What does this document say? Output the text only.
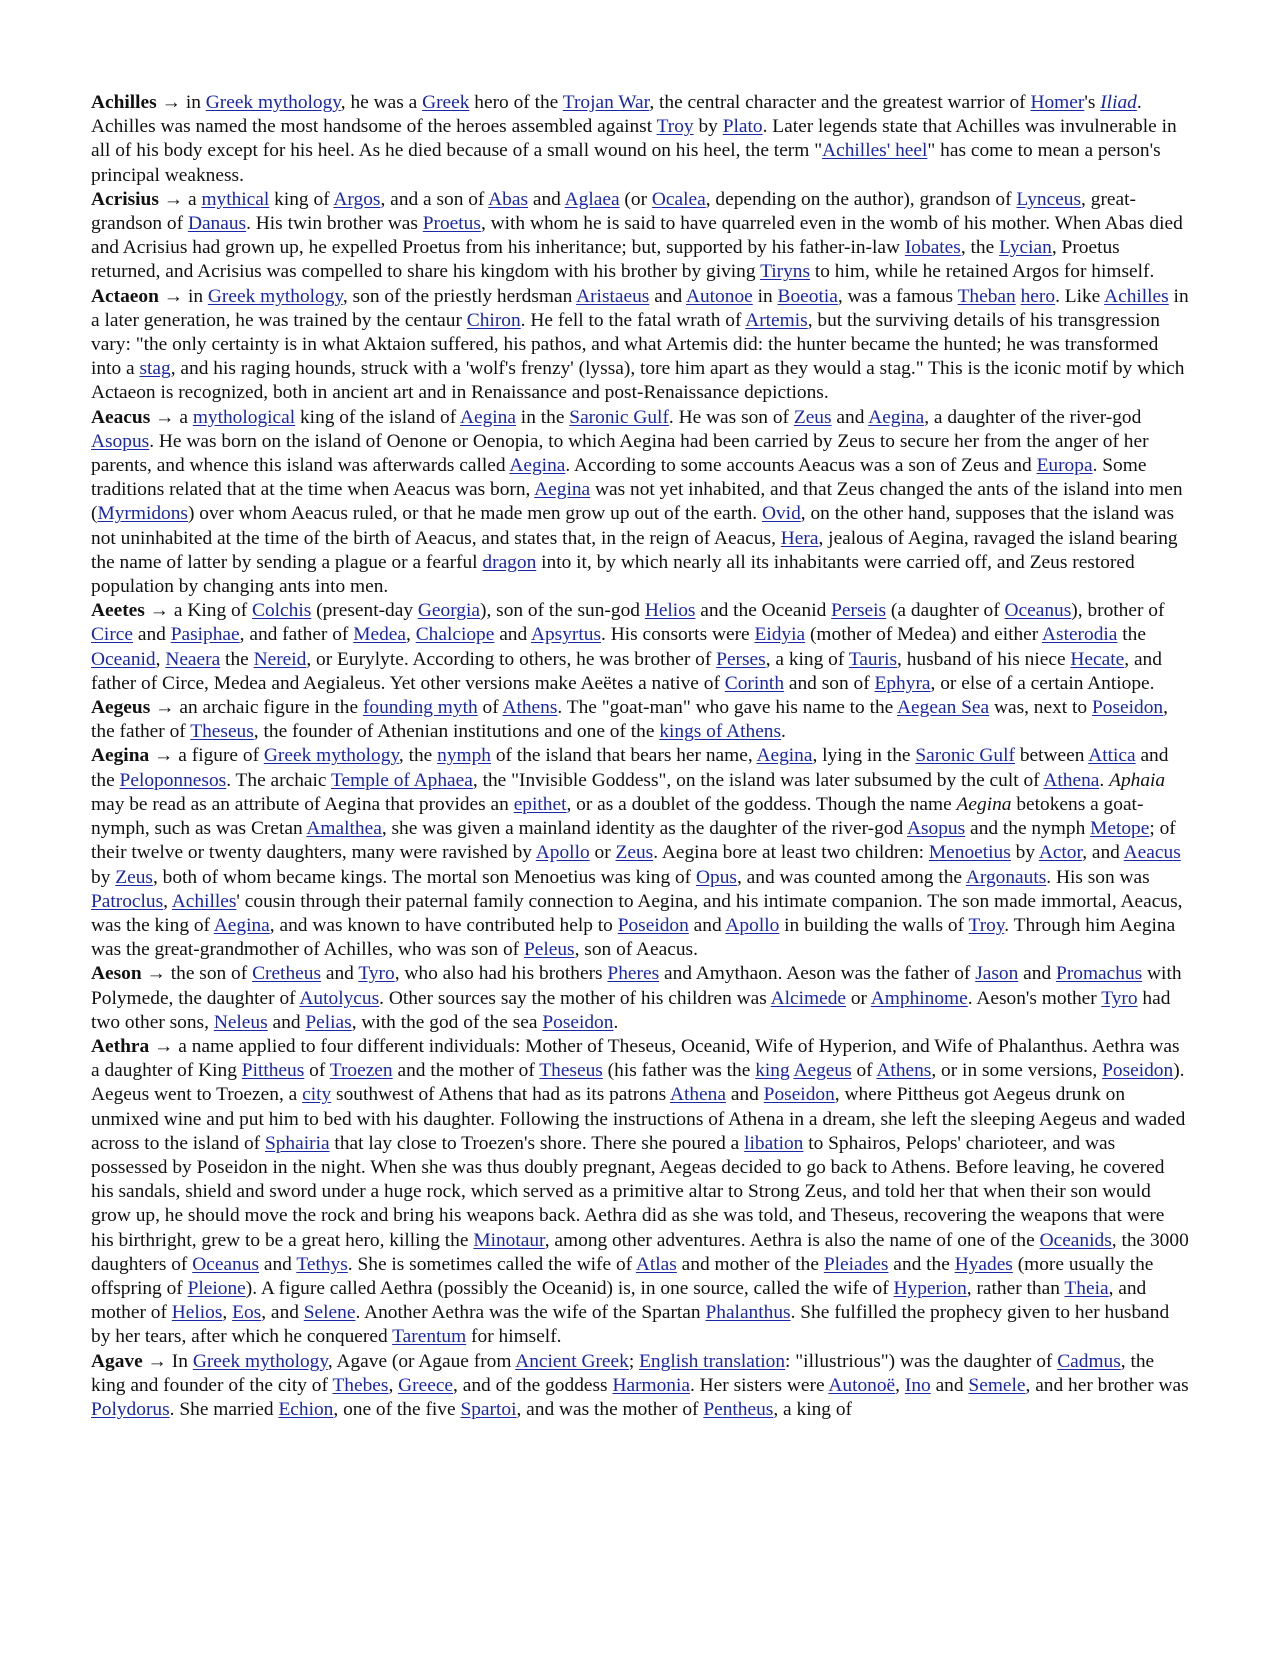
Achilles → in Greek mythology, he was a Greek hero of the Trojan War, the central character and the greatest warrior of Homer's Iliad. Achilles was named the most handsome of the heroes assembled against Troy by Plato. Later legends state that Achilles was invulnerable in all of his body except for his heel. As he died because of a small wound on his heel, the term "Achilles' heel" has come to mean a person's principal weakness.

Acrisius → a mythical king of Argos, and a son of Abas and Aglaea (or Ocalea, depending on the author), grandson of Lynceus, great-grandson of Danaus. His twin brother was Proetus, with whom he is said to have quarreled even in the womb of his mother. When Abas died and Acrisius had grown up, he expelled Proetus from his inheritance; but, supported by his father-in-law Iobates, the Lycian, Proetus returned, and Acrisius was compelled to share his kingdom with his brother by giving Tiryns to him, while he retained Argos for himself.

Actaeon → in Greek mythology, son of the priestly herdsman Aristaeus and Autonoe in Boeotia, was a famous Theban hero. Like Achilles in a later generation, he was trained by the centaur Chiron. He fell to the fatal wrath of Artemis, but the surviving details of his transgression vary: "the only certainty is in what Aktaion suffered, his pathos, and what Artemis did: the hunter became the hunted; he was transformed into a stag, and his raging hounds, struck with a 'wolf's frenzy' (lyssa), tore him apart as they would a stag." This is the iconic motif by which Actaeon is recognized, both in ancient art and in Renaissance and post-Renaissance depictions.

Aeacus → a mythological king of the island of Aegina in the Saronic Gulf. He was son of Zeus and Aegina, a daughter of the river-god Asopus. He was born on the island of Oenone or Oenopia, to which Aegina had been carried by Zeus to secure her from the anger of her parents, and whence this island was afterwards called Aegina. According to some accounts Aeacus was a son of Zeus and Europa. Some traditions related that at the time when Aeacus was born, Aegina was not yet inhabited, and that Zeus changed the ants of the island into men (Myrmidons) over whom Aeacus ruled, or that he made men grow up out of the earth. Ovid, on the other hand, supposes that the island was not uninhabited at the time of the birth of Aeacus, and states that, in the reign of Aeacus, Hera, jealous of Aegina, ravaged the island bearing the name of latter by sending a plague or a fearful dragon into it, by which nearly all its inhabitants were carried off, and Zeus restored population by changing ants into men.

Aeetes → a King of Colchis (present-day Georgia), son of the sun-god Helios and the Oceanid Perseis (a daughter of Oceanus), brother of Circe and Pasiphae, and father of Medea, Chalciope and Apsyrtus. His consorts were Eidyia (mother of Medea) and either Asterodia the Oceanid, Neaera the Nereid, or Eurylyte. According to others, he was brother of Perses, a king of Tauris, husband of his niece Hecate, and father of Circe, Medea and Aegialeus. Yet other versions make Aeëtes a native of Corinth and son of Ephyra, or else of a certain Antiope.

Aegeus → an archaic figure in the founding myth of Athens. The "goat-man" who gave his name to the Aegean Sea was, next to Poseidon, the father of Theseus, the founder of Athenian institutions and one of the kings of Athens.

Aegina → a figure of Greek mythology, the nymph of the island that bears her name, Aegina, lying in the Saronic Gulf between Attica and the Peloponnesos. The archaic Temple of Aphaea, the "Invisible Goddess", on the island was later subsumed by the cult of Athena. Aphaia may be read as an attribute of Aegina that provides an epithet, or as a doublet of the goddess. Though the name Aegina betokens a goat-nymph, such as was Cretan Amalthea, she was given a mainland identity as the daughter of the river-god Asopus and the nymph Metope; of their twelve or twenty daughters, many were ravished by Apollo or Zeus. Aegina bore at least two children: Menoetius by Actor, and Aeacus by Zeus, both of whom became kings. The mortal son Menoetius was king of Opus, and was counted among the Argonauts. His son was Patroclus, Achilles' cousin through their paternal family connection to Aegina, and his intimate companion. The son made immortal, Aeacus, was the king of Aegina, and was known to have contributed help to Poseidon and Apollo in building the walls of Troy. Through him Aegina was the great-grandmother of Achilles, who was son of Peleus, son of Aeacus.

Aeson → the son of Cretheus and Tyro, who also had his brothers Pheres and Amythaon. Aeson was the father of Jason and Promachus with Polymede, the daughter of Autolycus. Other sources say the mother of his children was Alcimede or Amphinome. Aeson's mother Tyro had two other sons, Neleus and Pelias, with the god of the sea Poseidon.

Aethra → a name applied to four different individuals: Mother of Theseus, Oceanid, Wife of Hyperion, and Wife of Phalanthus. Aethra was a daughter of King Pittheus of Troezen and the mother of Theseus (his father was the king Aegeus of Athens, or in some versions, Poseidon). Aegeus went to Troezen, a city southwest of Athens that had as its patrons Athena and Poseidon, where Pittheus got Aegeus drunk on unmixed wine and put him to bed with his daughter. Following the instructions of Athena in a dream, she left the sleeping Aegeus and waded across to the island of Sphairia that lay close to Troezen's shore. There she poured a libation to Sphairos, Pelops' charioteer, and was possessed by Poseidon in the night. When she was thus doubly pregnant, Aegeas decided to go back to Athens. Before leaving, he covered his sandals, shield and sword under a huge rock, which served as a primitive altar to Strong Zeus, and told her that when their son would grow up, he should move the rock and bring his weapons back. Aethra did as she was told, and Theseus, recovering the weapons that were his birthright, grew to be a great hero, killing the Minotaur, among other adventures. Aethra is also the name of one of the Oceanids, the 3000 daughters of Oceanus and Tethys. She is sometimes called the wife of Atlas and mother of the Pleiades and the Hyades (more usually the offspring of Pleione). A figure called Aethra (possibly the Oceanid) is, in one source, called the wife of Hyperion, rather than Theia, and mother of Helios, Eos, and Selene. Another Aethra was the wife of the Spartan Phalanthus. She fulfilled the prophecy given to her husband by her tears, after which he conquered Tarentum for himself.

Agave → In Greek mythology, Agave (or Agaue from Ancient Greek; English translation: "illustrious") was the daughter of Cadmus, the king and founder of the city of Thebes, Greece, and of the goddess Harmonia. Her sisters were Autonoë, Ino and Semele, and her brother was Polydorus. She married Echion, one of the five Spartoi, and was the mother of Pentheus, a king of
